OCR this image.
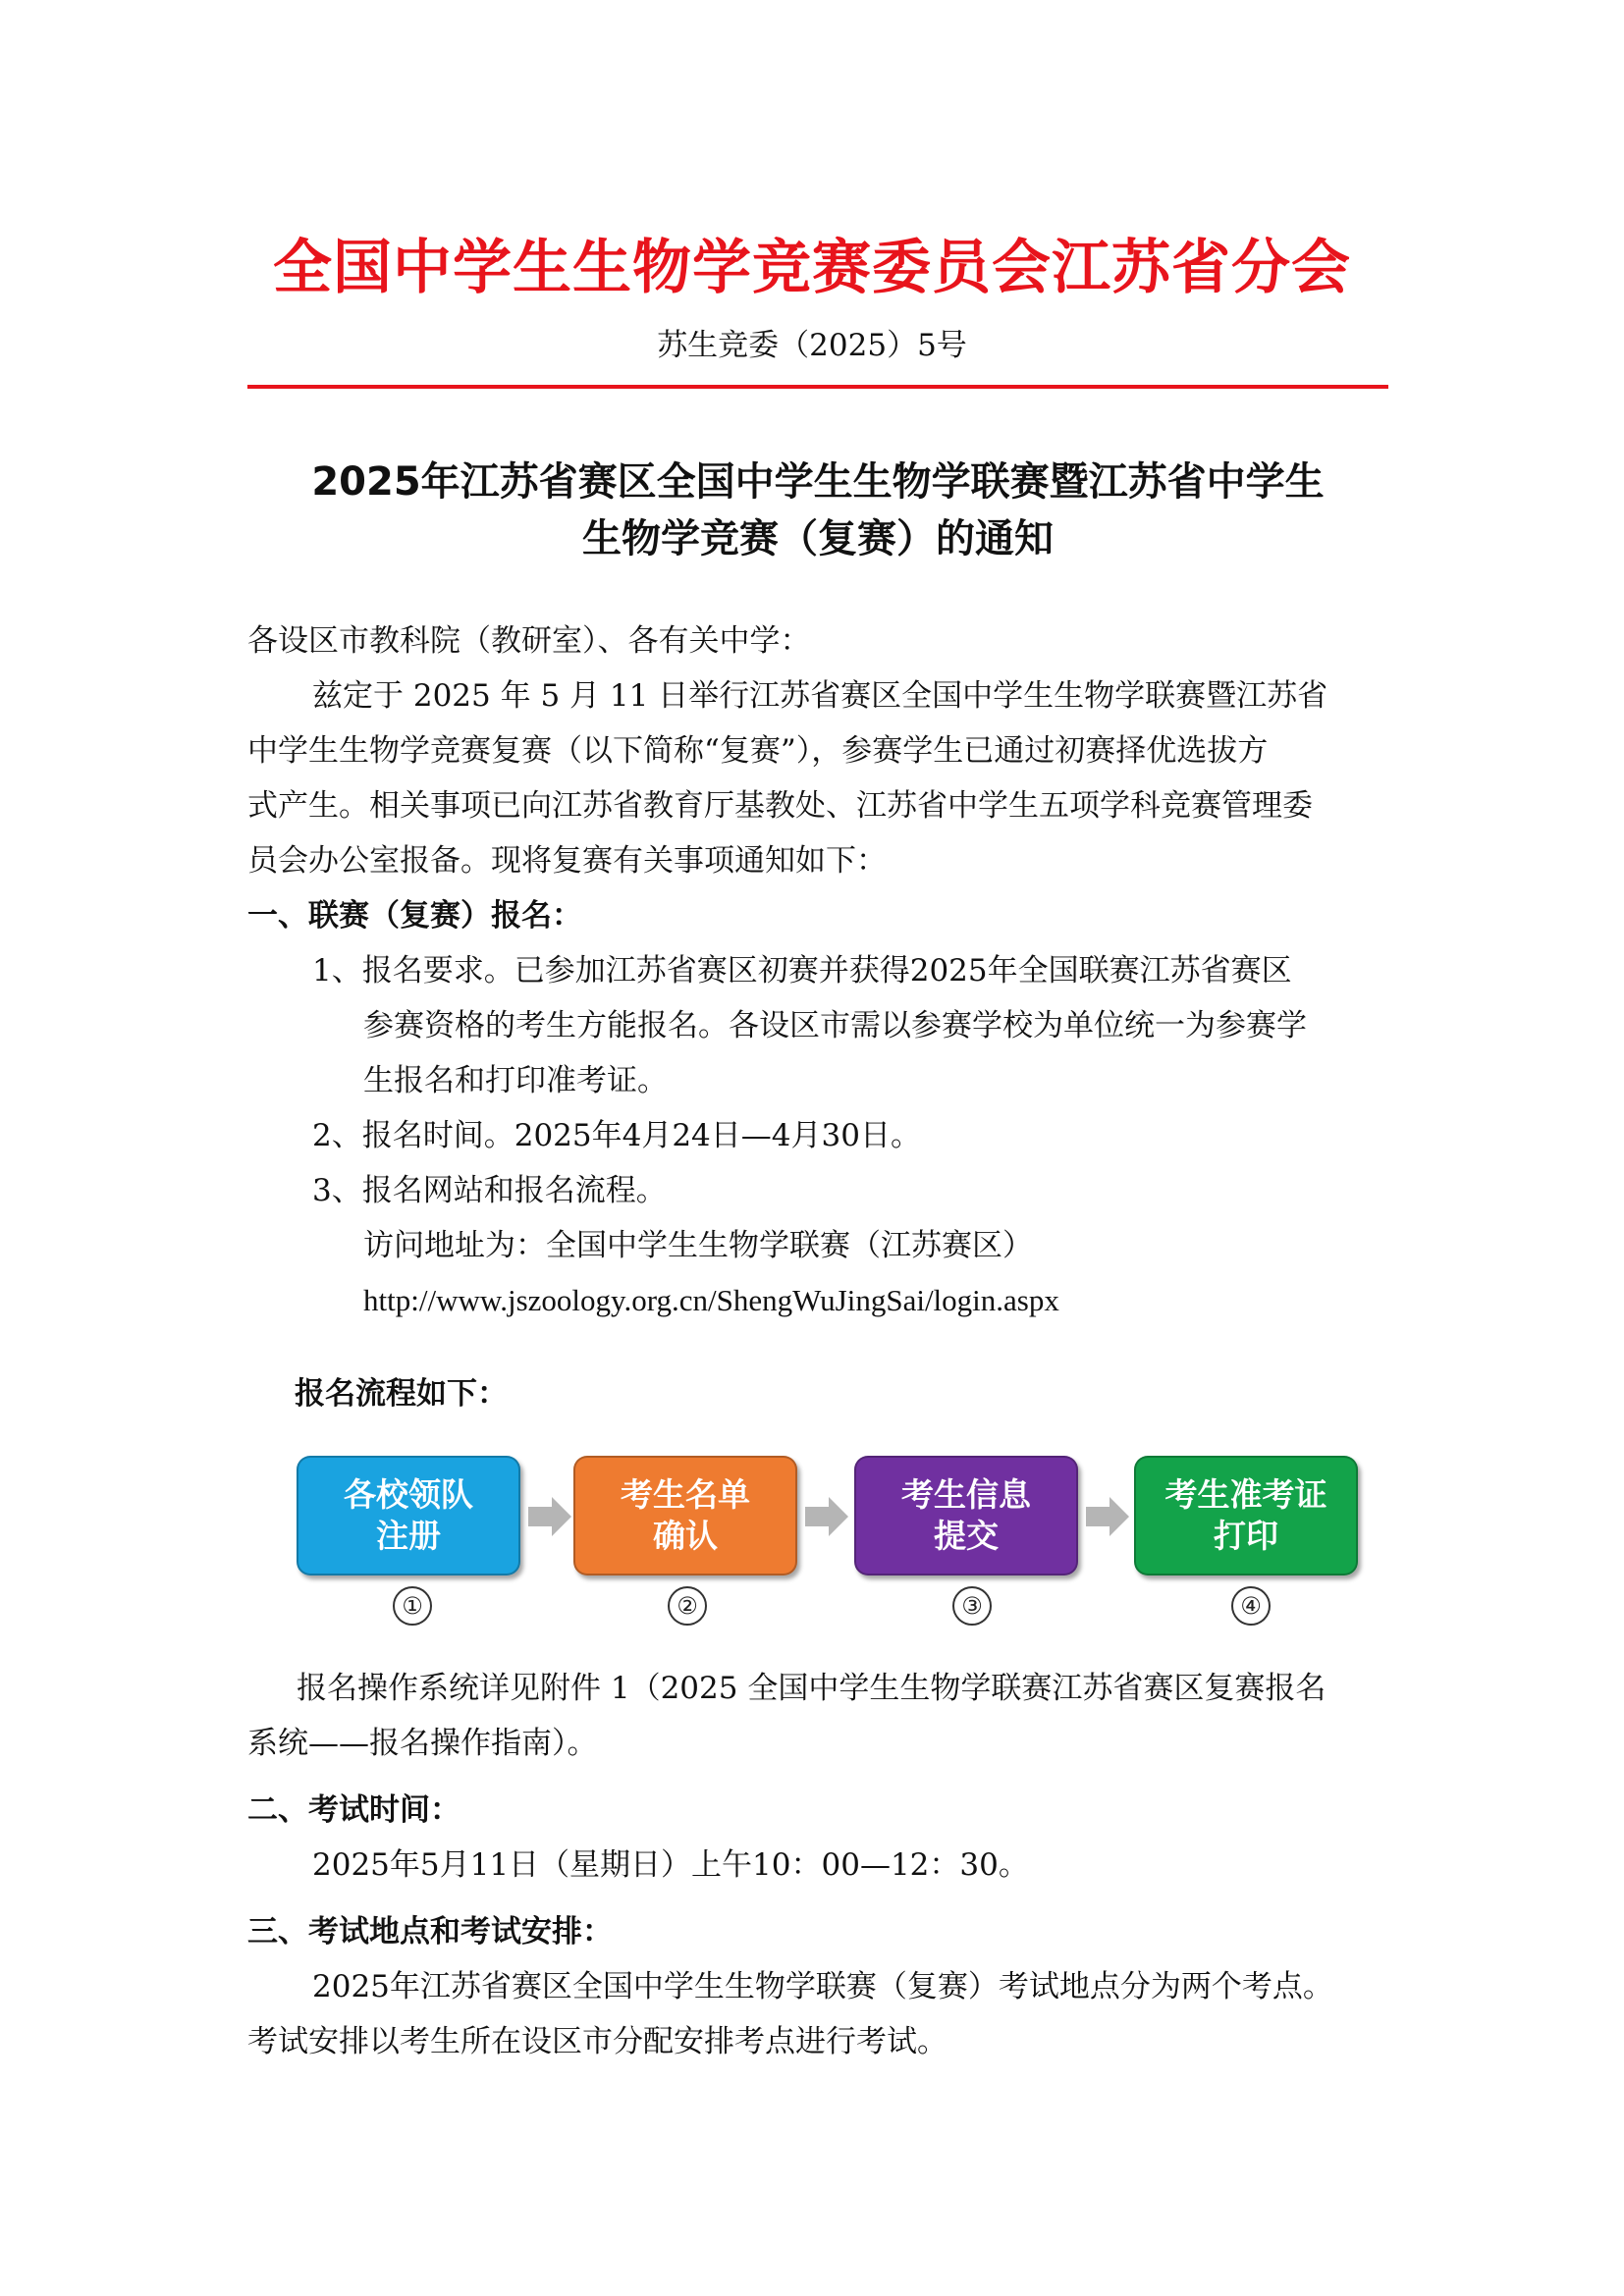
全国中学生生物学竞赛委员会江苏省分会
苏生竞委（2025）5号
2025年江苏省赛区全国中学生生物学联赛暨江苏省中学生
生物学竞赛（复赛）的通知
各设区市教科院（教研室）、各有关中学：
兹定于 2025 年 5 月 11 日举行江苏省赛区全国中学生生物学联赛暨江苏省
中学生生物学竞赛复赛（以下简称“复赛”），参赛学生已通过初赛择优选拔方
式产生。相关事项已向江苏省教育厅基教处、江苏省中学生五项学科竞赛管理委
员会办公室报备。现将复赛有关事项通知如下：
一、联赛（复赛）报名：
1、报名要求。已参加江苏省赛区初赛并获得2025年全国联赛江苏省赛区
参赛资格的考生方能报名。各设区市需以参赛学校为单位统一为参赛学
生报名和打印准考证。
2、报名时间。2025年4月24日—4月30日。
3、报名网站和报名流程。
访问地址为：全国中学生生物学联赛（江苏赛区）
http://www.jszoology.org.cn/ShengWuJingSai/login.aspx
报名流程如下：
各校领队
注册
考生名单
确认
考生信息
提交
考生准考证
打印
①	②	③	④
报名操作系统详见附件 1（2025 全国中学生生物学联赛江苏省赛区复赛报名
系统——报名操作指南）。
二、考试时间：
2025年5月11日（星期日）上午10：00—12：30。
三、考试地点和考试安排：
2025年江苏省赛区全国中学生生物学联赛（复赛）考试地点分为两个考点。
考试安排以考生所在设区市分配安排考点进行考试。
